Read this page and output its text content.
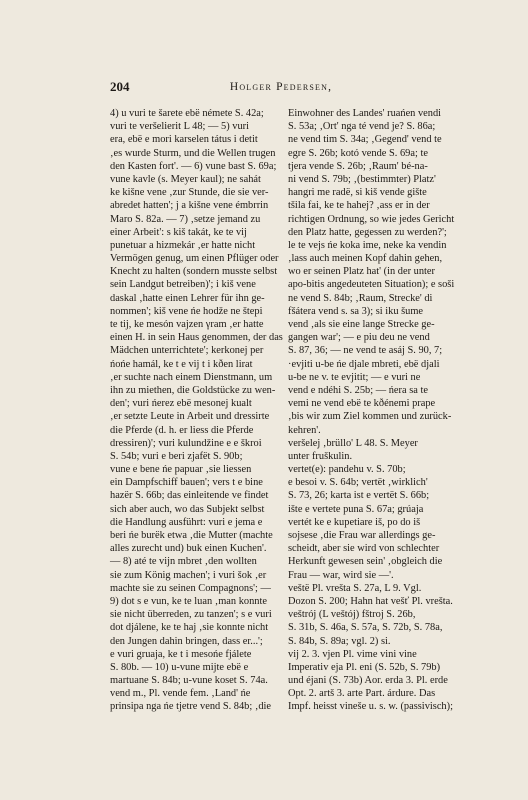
204	Holger Pedersen,
4) u vuri te šarete ebë némete S. 42a;
vuri te veršelierit L 48; — 5) vuri
era, ebë e mori karselen tátus i detit
‚es wurde Sturm, und die Wellen trugen
den Kasten fort'. — 6) vune bast S. 69a;
vune kavle (s. Meyer kaul); ne sahát
ke kišne vene ‚zur Stunde, die sie ver-
abredet hatten'; j a kišne vene émbrrin
Maro S. 82a. — 7) ‚setze jemand zu
einer Arbeit': s kiš takát, ke te vij
punetuar a hizmekár ‚er hatte nicht
Vermögen genug, um einen Pflüger oder
Knecht zu halten (sondern musste selbst
sein Landgut betreiben)'; i kiš vene
daskal ‚hatte einen Lehrer für ihn ge-
nommen'; kiš vene ńe hodže ne štepi
te tij, ke mesón vajzen γram ‚er hatte
einen H. in sein Haus genommen, der das
Mädchen unterrichtete'; kerkonej per
ńońe hamál, ke t e vij t i kðen lirat
‚er suchte nach einem Dienstmann, um
ihn zu miethen, die Goldstücke zu wen-
den'; vuri ńerez ebë mesonej kualt
‚er setzte Leute in Arbeit und dressirte
die Pferde (d. h. er liess die Pferde
dressiren)'; vuri kulundžine e e škroi
S. 54b; vuri e beri zjafët S. 90b;
vune e bene ńe papuar ‚sie liessen
ein Dampfschiff bauen'; vers t e bine
hazër S. 66b; das einleitende ve findet
sich aber auch, wo das Subjekt selbst
die Handlung ausführt: vuri e jema e
beri ńe burëk etwa ‚die Mutter (machte
alles zurecht und) buk einen Kuchen'.
— 8) até te vijn mbret ‚den wollten
sie zum König machen'; i vuri šok ‚er
machte sie zu seinen Compagnons'; —
9) dot s e vun, ke te luan ‚man konnte
sie nicht überreden, zu tanzen'; s e vuri
dot djálene, ke te haj ‚sie konnte nicht
den Jungen dahin bringen, dass er...';
e vuri gruaja, ke t i mesońe fjálete
S. 80b. — 10) u-vune mijte ebë e
martuane S. 84b; u-vune koset S. 74a.
vend m., Pl. vende fem. ‚Land' ńe
prinsipa nga ńe tjetre vend S. 84b; ‚die
Einwohner des Landes' ruańen vendi
S. 53a; ‚Ort' nga té vend je? S. 86a;
ne vend tim S. 34a; ‚Gegend' vend te
egre S. 26b; kotó vende S. 69a; te
tjera vende S. 26b; ‚Raum' bé-na-
ni vend S. 79b; ‚(bestimmter) Platz'
hangri me radë, si kiš vende gište
tšila fai, ke te hahej? ‚ass er in der
richtigen Ordnung, so wie jedes Gericht
den Platz hatte, gegessen zu werden?';
le te vejs ńe koka ime, neke ka vendin
‚lass auch meinen Kopf dahin gehen,
wo er seinen Platz hat' (in der unter
apo-bitis angedeuteten Situation); e soši
ne vend S. 84b; ‚Raum, Strecke' di
fšátera vend s. sa 3); si iku šume
vend ‚als sie eine lange Strecke ge-
gangen war'; — e piu deu ne vend
S. 87, 36; — ne vend te asáj S. 90, 7;
·evjiti u-be ńe djale mbreti, ebë djali
u-be ne v. te evjitit; — e vuri ne
vend e ndéhi S. 25b; — ńera sa te
vemi ne vend ebë te kðénemi prape
‚bis wir zum Ziel kommen und zurück-
kehren'.
veršelej ‚brüllo' L 48. S. Meyer
unter fruškulin.
vertet(e): pandehu v. S. 70b;
e besoi v. S. 64b; vertët ‚wirklich'
S. 73, 26; karta ist e vertët S. 66b;
ište e vertete puna S. 67a; grúaja
vertét ke e kupetiare iš, po do iš
sojsese ‚die Frau war allerdings ge-
scheidt, aber sie wird von schlechter
Herkunft gewesen sein' ‚obgleich die
Frau — war, wird sie —'.
veštë Pl. vrešta S. 27a, L 9. Vgl.
Dozon S. 200; Hahn hat vešť Pl. vrešta.
veštrój (L veštój) fštroj S. 26b,
S. 31b, S. 46a, S. 57a, S. 72b, S. 78a,
S. 84b, S. 89a; vgl. 2) si.
vij 2. 3. vjen Pl. vime vini vine
Imperativ eja Pl. eni (S. 52b, S. 79b)
und éjani (S. 73b) Aor. erda 3. Pl. erde
Opt. 2. artš 3. arte Part. árdure. Das
Impf. heisst vineše u. s. w. (passivisch);
